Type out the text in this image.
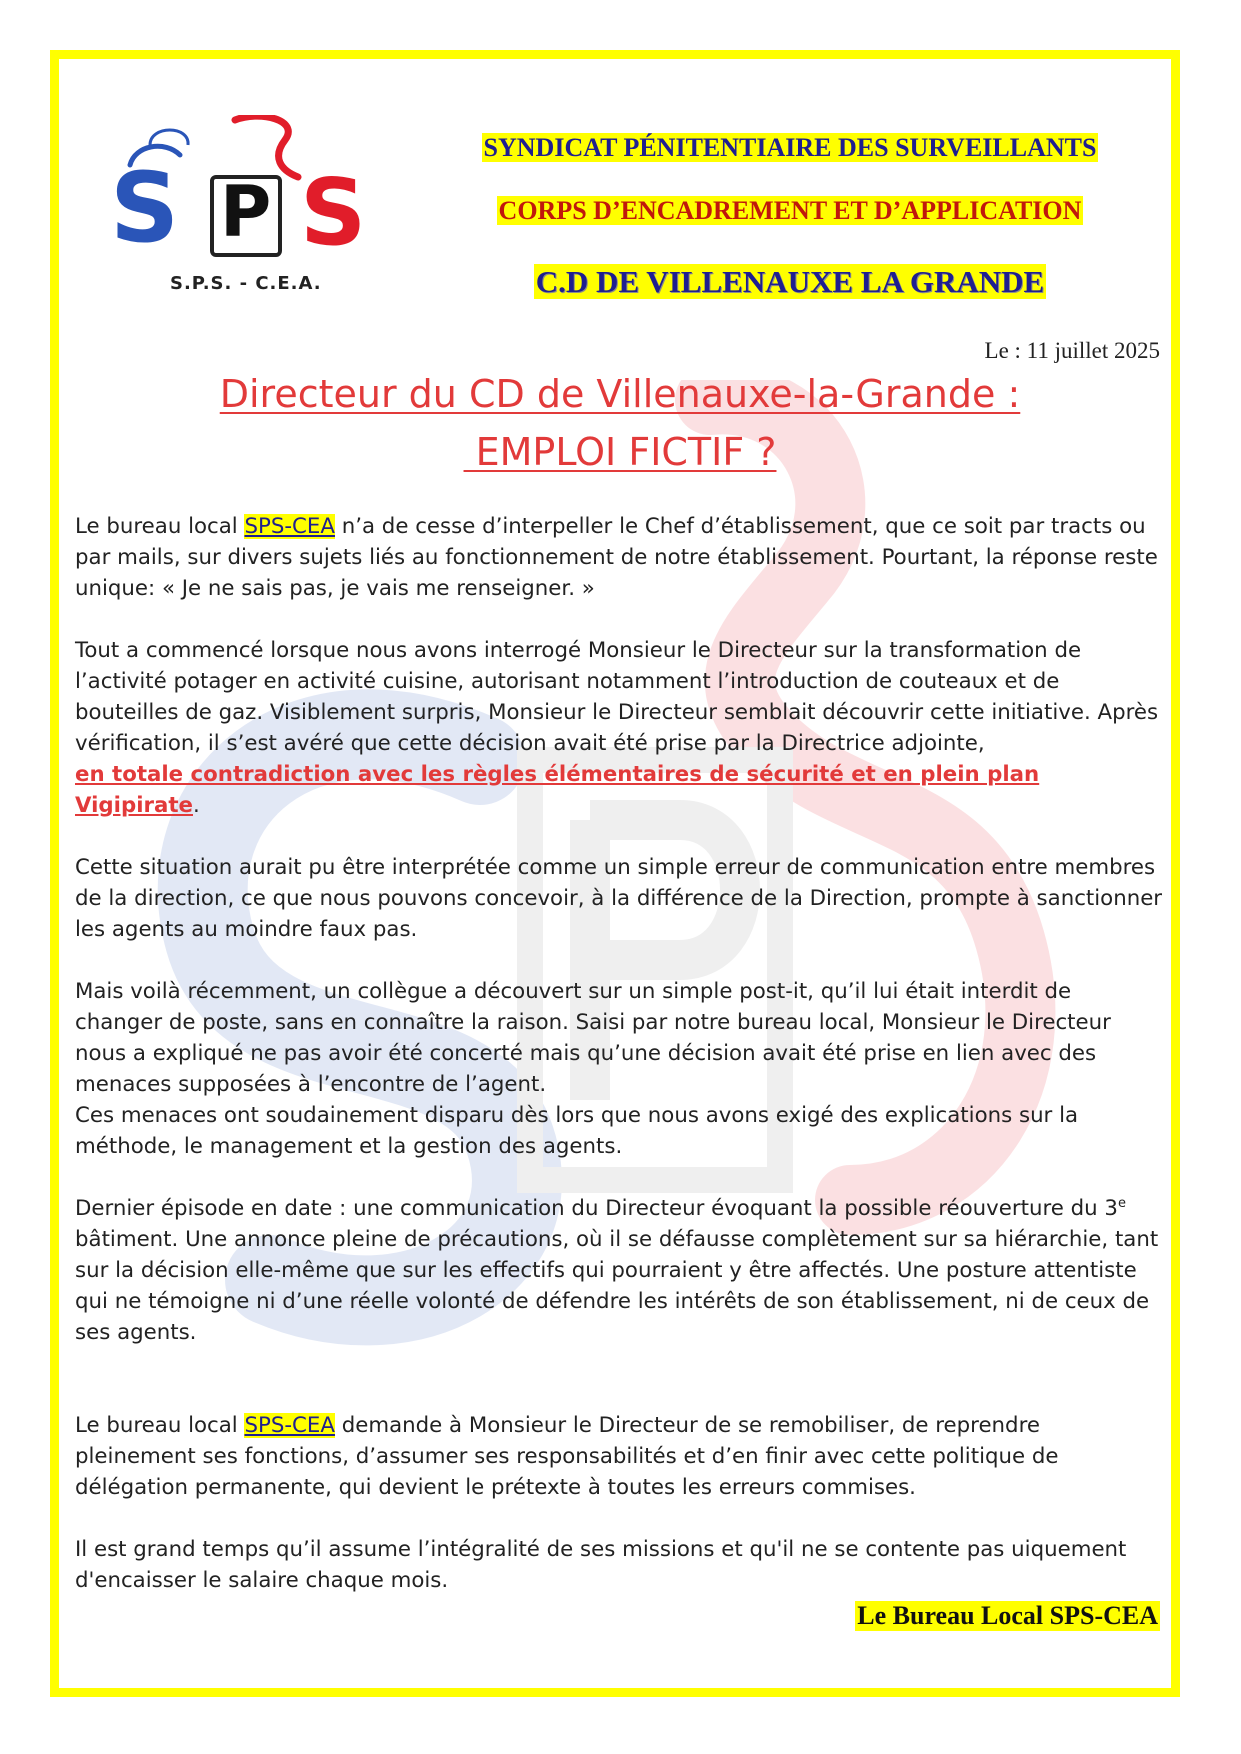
S P S
S.P.S. - C.E.A.
SYNDICAT PÉNITENTIAIRE DES SURVEILLANTS
CORPS D’ENCADREMENT ET D’APPLICATION
C.D DE VILLENAUXE LA GRANDE
Le : 11 juillet 2025
Directeur du CD de Villenauxe-la-Grande :
EMPLOI FICTIF ?

Le bureau local SPS-CEA n’a de cesse d’interpeller le Chef d’établissement, que ce soit par tracts ou par mails, sur divers sujets liés au fonctionnement de notre établissement. Pourtant, la réponse reste unique: « Je ne sais pas, je vais me renseigner. »

Tout a commencé lorsque nous avons interrogé Monsieur le Directeur sur la transformation de l’activité potager en activité cuisine, autorisant notamment l’introduction de couteaux et de bouteilles de gaz. Visiblement surpris, Monsieur le Directeur semblait découvrir cette initiative. Après vérification, il s’est avéré que cette décision avait été prise par la Directrice adjointe,
en totale contradiction avec les règles élémentaires de sécurité et en plein plan Vigipirate.

Cette situation aurait pu être interprétée comme un simple erreur de communication entre membres de la direction, ce que nous pouvons concevoir, à la différence de la Direction, prompte à sanctionner les agents au moindre faux pas.

Mais voilà récemment, un collègue a découvert sur un simple post-it, qu’il lui était interdit de changer de poste, sans en connaître la raison. Saisi par notre bureau local, Monsieur le Directeur nous a expliqué ne pas avoir été concerté mais qu’une décision avait été prise en lien avec des menaces supposées à l’encontre de l’agent.

Ces menaces ont soudainement disparu dès lors que nous avons exigé des explications sur la méthode, le management et la gestion des agents.

Dernier épisode en date : une communication du Directeur évoquant la possible réouverture du 3e bâtiment. Une annonce pleine de précautions, où il se défausse complètement sur sa hiérarchie, tant sur la décision elle-même que sur les effectifs qui pourraient y être affectés. Une posture attentiste qui ne témoigne ni d’une réelle volonté de défendre les intérêts de son établissement, ni de ceux de ses agents.

Le bureau local SPS-CEA demande à Monsieur le Directeur de se remobiliser, de reprendre pleinement ses fonctions, d’assumer ses responsabilités et d’en finir avec cette politique de délégation permanente, qui devient le prétexte à toutes les erreurs commises.

Il est grand temps qu’il assume l’intégralité de ses missions et qu'il ne se contente pas uiquement d'encaisser le salaire chaque mois.

Le Bureau Local SPS-CEA
